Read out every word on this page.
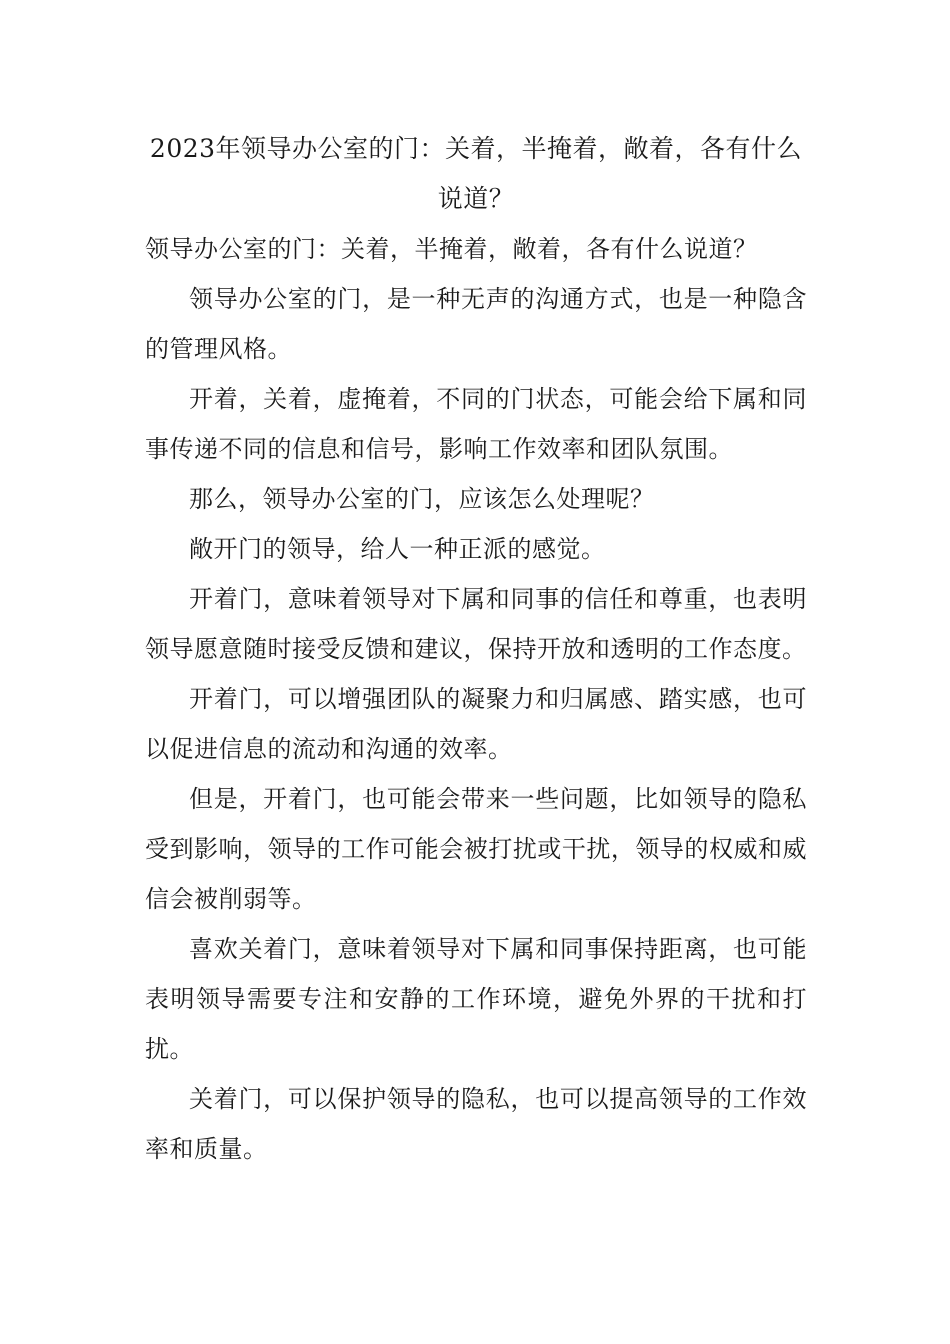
2023年领导办公室的门：关着，半掩着，敞着，各有什么说道？

领导办公室的门：关着，半掩着，敞着，各有什么说道？

领导办公室的门，是一种无声的沟通方式，也是一种隐含的管理风格。

开着，关着，虚掩着，不同的门状态，可能会给下属和同事传递不同的信息和信号，影响工作效率和团队氛围。

那么，领导办公室的门，应该怎么处理呢？

敞开门的领导，给人一种正派的感觉。

开着门，意味着领导对下属和同事的信任和尊重，也表明领导愿意随时接受反馈和建议，保持开放和透明的工作态度。

开着门，可以增强团队的凝聚力和归属感、踏实感，也可以促进信息的流动和沟通的效率。

但是，开着门，也可能会带来一些问题，比如领导的隐私受到影响，领导的工作可能会被打扰或干扰，领导的权威和威信会被削弱等。

喜欢关着门，意味着领导对下属和同事保持距离，也可能表明领导需要专注和安静的工作环境，避免外界的干扰和打扰。

关着门，可以保护领导的隐私，也可以提高领导的工作效率和质量。
